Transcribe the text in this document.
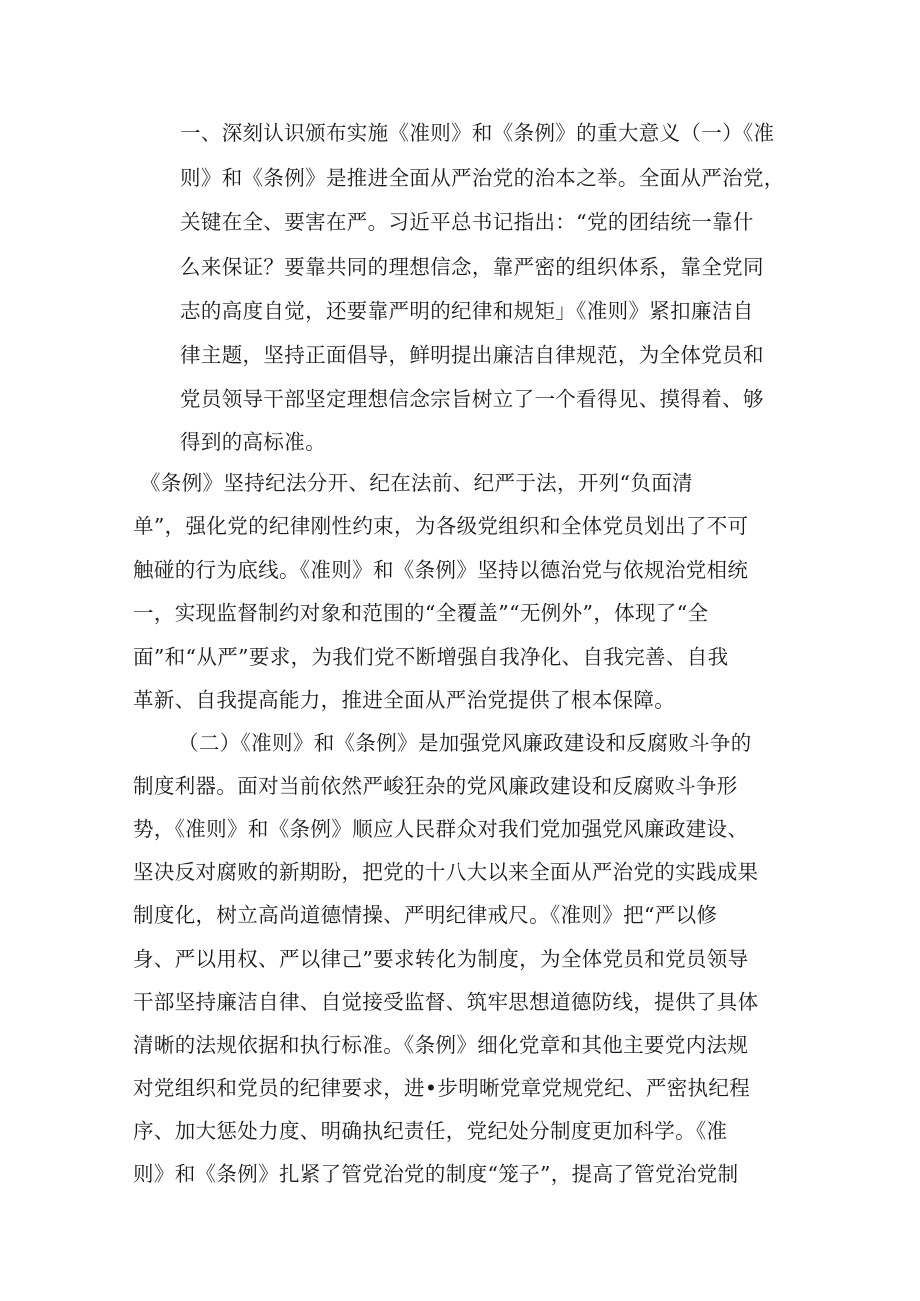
一、深刻认识颁布实施《准则》和《条例》的重大意义（一）《准
则》和《条例》是推进全面从严治党的治本之举。全面从严治党，
关键在全、要害在严。习近平总书记指出：“党的团结统一靠什
么来保证？要靠共同的理想信念，靠严密的组织体系，靠全党同
志的高度自觉，还要靠严明的纪律和规矩」《准则》紧扣廉洁自
律主题，坚持正面倡导，鲜明提出廉洁自律规范，为全体党员和
党员领导干部坚定理想信念宗旨树立了一个看得见、摸得着、够
得到的高标准。
《条例》坚持纪法分开、纪在法前、纪严于法，开列“负面清
单”，强化党的纪律刚性约束，为各级党组织和全体党员划出了不可
触碰的行为底线。《准则》和《条例》坚持以德治党与依规治党相统
一，实现监督制约对象和范围的“全覆盖”“无例外”，体现了“全
面”和“从严”要求，为我们党不断增强自我净化、自我完善、自我
革新、自我提高能力，推进全面从严治党提供了根本保障。
（二）《准则》和《条例》是加强党风廉政建设和反腐败斗争的
制度利器。面对当前依然严峻狂杂的党风廉政建设和反腐败斗争形
势，《准则》和《条例》顺应人民群众对我们党加强党风廉政建设、
坚决反对腐败的新期盼，把党的十八大以来全面从严治党的实践成果
制度化，树立高尚道德情操、严明纪律戒尺。《准则》把“严以修
身、严以用权、严以律己”要求转化为制度，为全体党员和党员领导
干部坚持廉洁自律、自觉接受监督、筑牢思想道德防线，提供了具体
清晰的法规依据和执行标准。《条例》细化党章和其他主要党内法规
对党组织和党员的纪律要求，进•步明晰党章党规党纪、严密执纪程
序、加大惩处力度、明确执纪责任，党纪处分制度更加科学。《准
则》和《条例》扎紧了管党治党的制度“笼子”，提高了管党治党制
